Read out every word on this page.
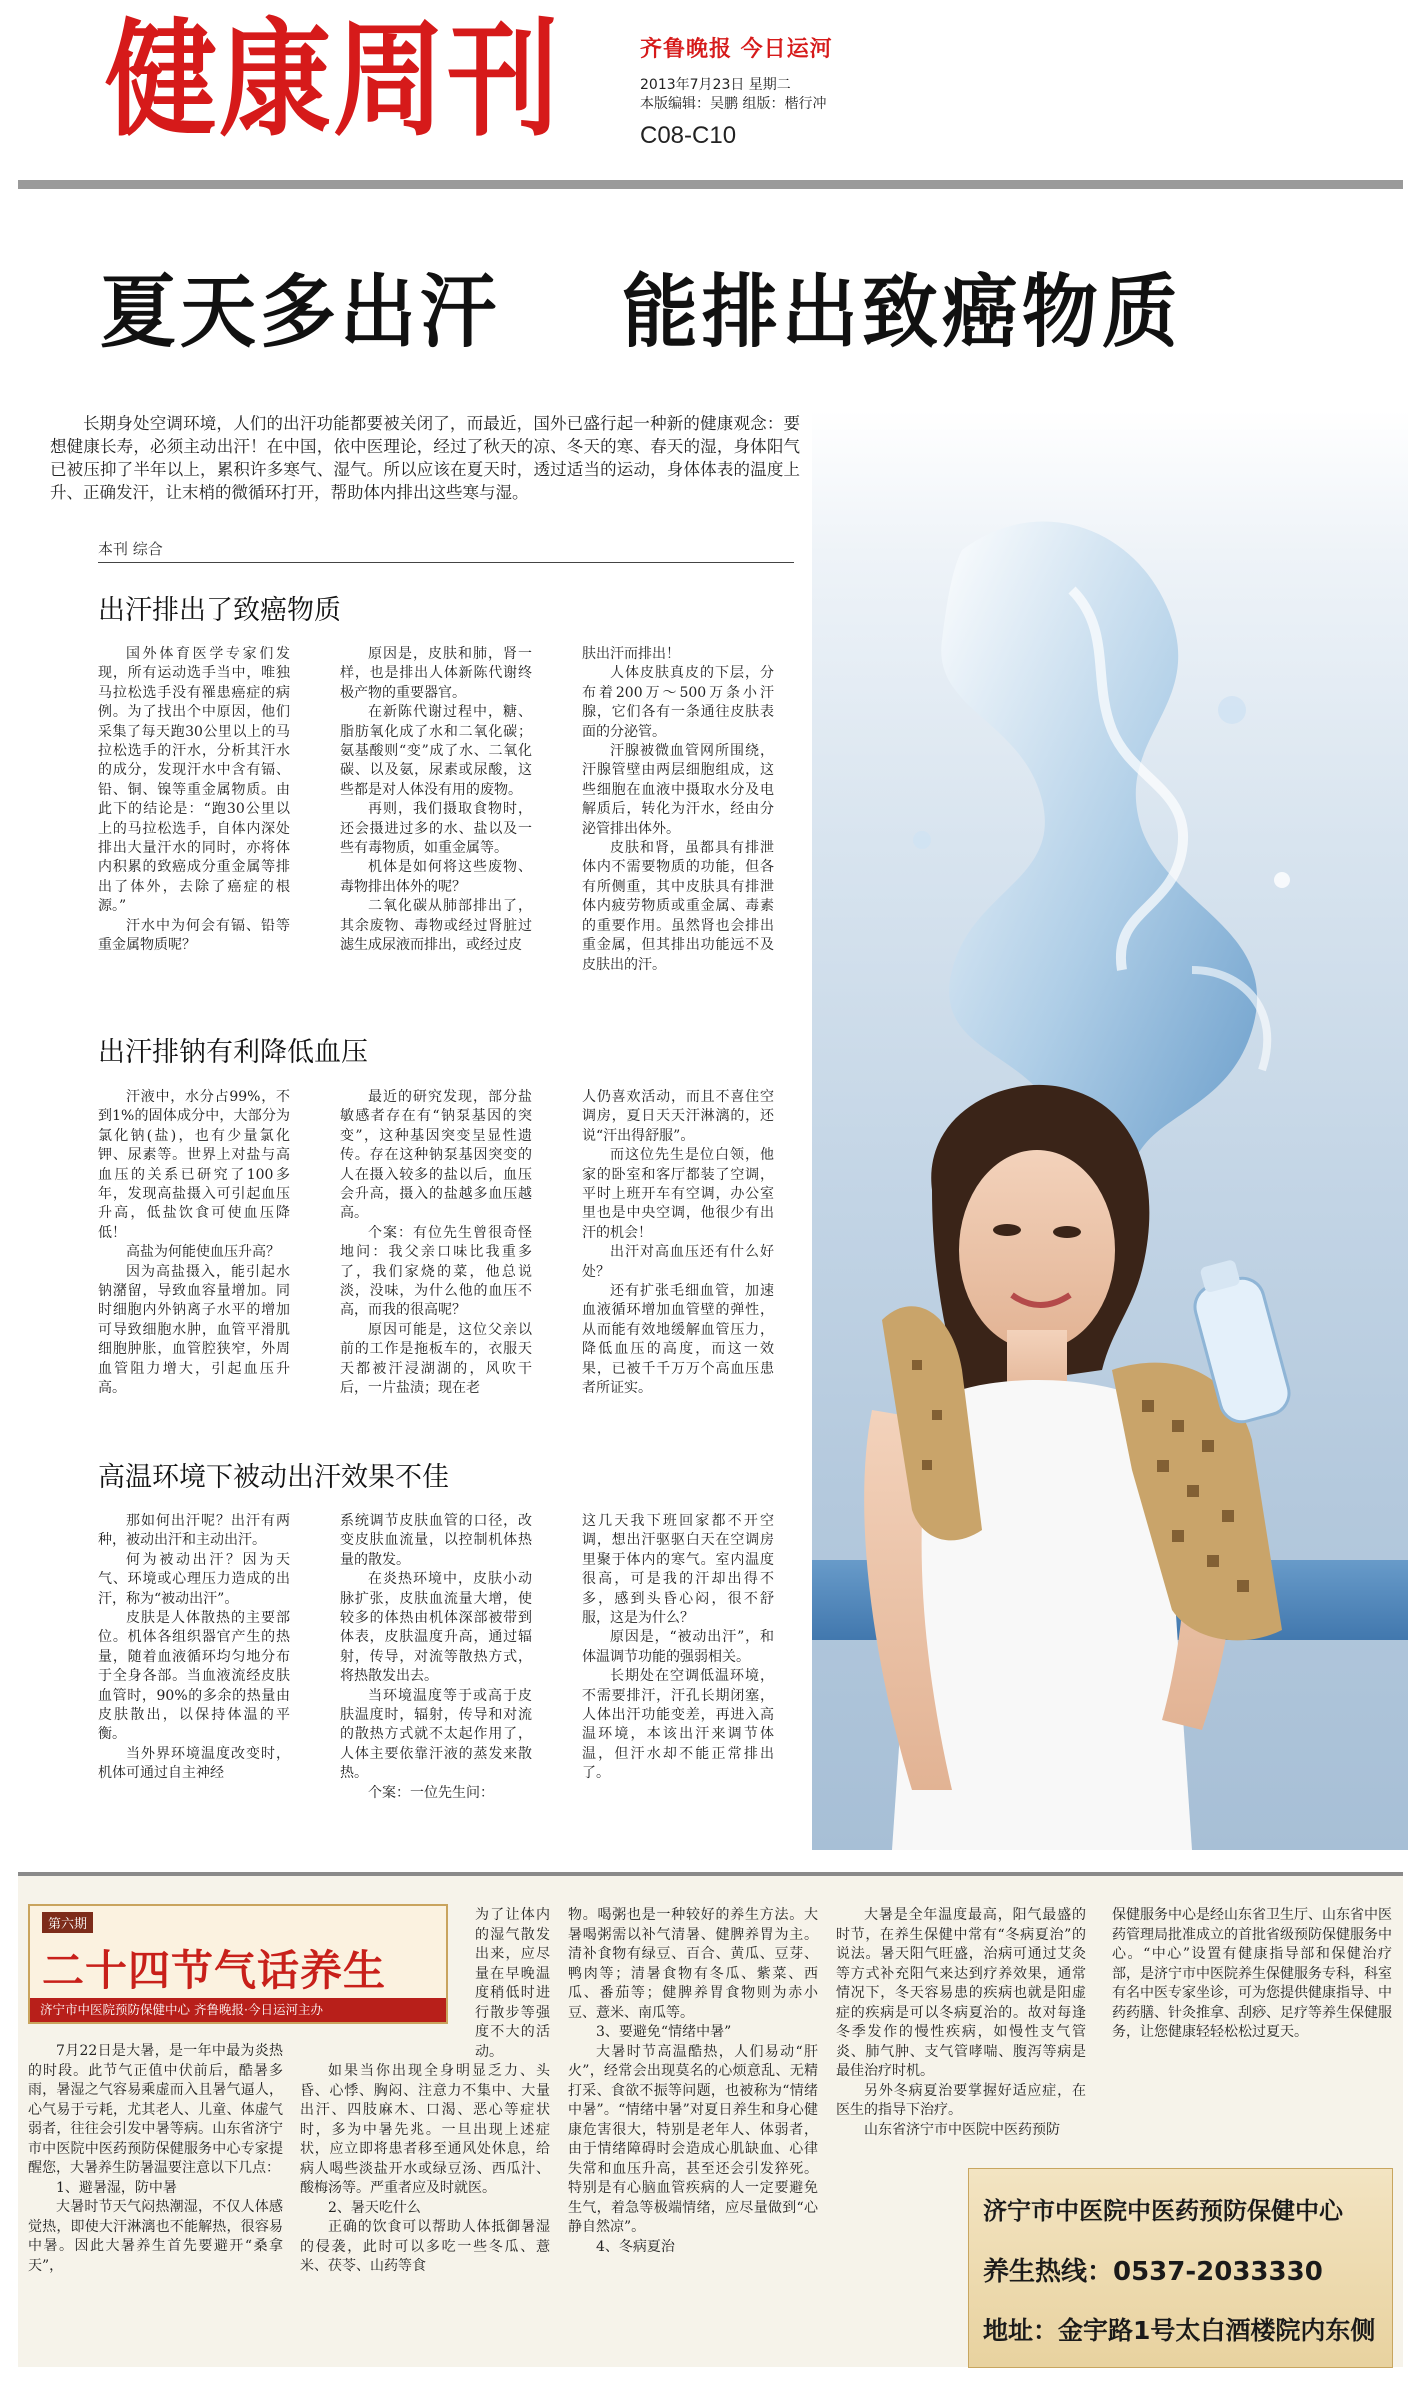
健康周刊	齐鲁晚报 今日运河
2013年7月23日 星期二
本版编辑：吴鹏 组版：楷行冲
C08-C10
夏天多出汗    能排出致癌物质
长期身处空调环境，人们的出汗功能都要被关闭了，而最近，国外已盛行起一种新的健康观念：要想健康长寿，必须主动出汗！在中国，依中医理论，经过了秋天的凉、冬天的寒、春天的湿，身体阳气已被压抑了半年以上，累积许多寒气、湿气。所以应该在夏天时，透过适当的运动，身体体表的温度上升、正确发汗，让末梢的微循环打开，帮助体内排出这些寒与湿。
本刊 综合
出汗排出了致癌物质

国外体育医学专家们发现，所有运动选手当中，唯独马拉松选手没有罹患癌症的病例。为了找出个中原因，他们采集了每天跑30公里以上的马拉松选手的汗水，分析其汗水的成分，发现汗水中含有镉、铅、铜、镍等重金属物质。由此下的结论是：“跑30公里以上的马拉松选手，自体内深处排出大量汗水的同时，亦将体内积累的致癌成分重金属等排出了体外，去除了癌症的根源。”

汗水中为何会有镉、铅等重金属物质呢？

原因是，皮肤和肺，肾一样，也是排出人体新陈代谢终极产物的重要器官。

在新陈代谢过程中，糖、脂肪氧化成了水和二氧化碳；氨基酸则“变”成了水、二氧化碳、以及氨，尿素或尿酸，这些都是对人体没有用的废物。

再则，我们摄取食物时，还会摄进过多的水、盐以及一些有毒物质，如重金属等。

机体是如何将这些废物、毒物排出体外的呢？

二氧化碳从肺部排出了，其余废物、毒物或经过肾脏过滤生成尿液而排出，或经过皮

肤出汗而排出！

人体皮肤真皮的下层，分布着200万～500万条小汗腺，它们各有一条通往皮肤表面的分泌管。

汗腺被微血管网所围绕，汗腺管壁由两层细胞组成，这些细胞在血液中摄取水分及电解质后，转化为汗水，经由分泌管排出体外。

皮肤和肾，虽都具有排泄体内不需要物质的功能，但各有所侧重，其中皮肤具有排泄体内疲劳物质或重金属、毒素的重要作用。虽然肾也会排出重金属，但其排出功能远不及皮肤出的汗。

出汗排钠有利降低血压

汗液中，水分占99%，不到1%的固体成分中，大部分为氯化钠(盐)，也有少量氯化钾、尿素等。世界上对盐与高血压的关系已研究了100多年，发现高盐摄入可引起血压升高，低盐饮食可使血压降低！

高盐为何能使血压升高？

因为高盐摄入，能引起水钠潴留，导致血容量增加。同时细胞内外钠离子水平的增加可导致细胞水肿，血管平滑肌细胞肿胀，血管腔狭窄，外周血管阻力增大，引起血压升高。

最近的研究发现，部分盐敏感者存在有“钠泵基因的突变”，这种基因突变呈显性遗传。存在这种钠泵基因突变的人在摄入较多的盐以后，血压会升高，摄入的盐越多血压越高。

个案：有位先生曾很奇怪地问：我父亲口味比我重多了，我们家烧的菜，他总说淡，没味，为什么他的血压不高，而我的很高呢？

原因可能是，这位父亲以前的工作是拖板车的，衣服天天都被汗浸湖湖的，风吹干后，一片盐渍；现在老

人仍喜欢活动，而且不喜住空调房，夏日天天汗淋漓的，还说“汗出得舒服”。

而这位先生是位白领，他家的卧室和客厅都装了空调，平时上班开车有空调，办公室里也是中央空调，他很少有出汗的机会！

出汗对高血压还有什么好处？

还有扩张毛细血管，加速血液循环增加血管壁的弹性，从而能有效地缓解血管压力，降低血压的高度，而这一效果，已被千千万万个高血压患者所证实。

高温环境下被动出汗效果不佳

那如何出汗呢？出汗有两种，被动出汗和主动出汗。

何为被动出汗？因为天气、环境或心理压力造成的出汗，称为“被动出汗”。

皮肤是人体散热的主要部位。机体各组织器官产生的热量，随着血液循环均匀地分布于全身各部。当血液流经皮肤血管时，90%的多余的热量由皮肤散出，以保持体温的平衡。

当外界环境温度改变时，机体可通过自主神经

系统调节皮肤血管的口径，改变皮肤血流量，以控制机体热量的散发。

在炎热环境中，皮肤小动脉扩张，皮肤血流量大增，使较多的体热由机体深部被带到体表，皮肤温度升高，通过辐射，传导，对流等散热方式，将热散发出去。

当环境温度等于或高于皮肤温度时，辐射，传导和对流的散热方式就不太起作用了，人体主要依靠汗液的蒸发来散热。

个案：一位先生问：

这几天我下班回家都不开空调，想出汗驱驱白天在空调房里聚于体内的寒气。室内温度很高，可是我的汗却出得不多，感到头昏心闷，很不舒服，这是为什么？

原因是，“被动出汗”，和体温调节功能的强弱相关。

长期处在空调低温环境，不需要排汗，汗孔长期闭塞，人体出汗功能变差，再进入高温环境，本该出汗来调节体温，但汗水却不能正常排出了。

第六期
二十四节气话养生
济宁市中医院预防保健中心 齐鲁晚报·今日运河主办

7月22日是大暑，是一年中最为炎热的时段。此节气正值中伏前后，酷暑多雨，暑湿之气容易乘虚而入且暑气逼人，心气易于亏耗，尤其老人、儿童、体虚气弱者，往往会引发中暑等病。山东省济宁市中医院中医药预防保健服务中心专家提醒您，大暑养生防暑温要注意以下几点：

1、避暑湿，防中暑

大暑时节天气闷热潮湿，不仅人体感觉热，即使大汗淋漓也不能解热，很容易中暑。因此大暑养生首先要避开“桑拿天”，

为了让体内的湿气散发出来，应尽量在早晚温度稍低时进行散步等强度不大的活动。

如果当你出现全身明显乏力、头昏、心悸、胸闷、注意力不集中、大量出汗、四肢麻木、口渴、恶心等症状时，多为中暑先兆。一旦出现上述症状，应立即将患者移至通风处休息，给病人喝些淡盐开水或绿豆汤、西瓜汁、酸梅汤等。严重者应及时就医。

2、暑天吃什么

正确的饮食可以帮助人体抵御暑湿的侵袭，此时可以多吃一些冬瓜、薏米、茯苓、山药等食

物。喝粥也是一种较好的养生方法。大暑喝粥需以补气清暑、健脾养胃为主。清补食物有绿豆、百合、黄瓜、豆芽、鸭肉等；清暑食物有冬瓜、紫菜、西瓜、番茄等；健脾养胃食物则为赤小豆、薏米、南瓜等。

3、要避免“情绪中暑”

大暑时节高温酷热，人们易动“肝火”，经常会出现莫名的心烦意乱、无精打采、食欲不振等问题，也被称为“情绪中暑”。“情绪中暑”对夏日养生和身心健康危害很大，特别是老年人、体弱者，由于情绪障碍时会造成心肌缺血、心律失常和血压升高，甚至还会引发猝死。特别是有心脑血管疾病的人一定要避免生气，着急等极端情绪，应尽量做到“心静自然凉”。

4、冬病夏治

大暑是全年温度最高，阳气最盛的时节，在养生保健中常有“冬病夏治”的说法。暑天阳气旺盛，治病可通过艾灸等方式补充阳气来达到疗养效果，通常情况下，冬天容易患的疾病也就是阳虚症的疾病是可以冬病夏治的。故对每逢冬季发作的慢性疾病，如慢性支气管炎、肺气肿、支气管哮喘、腹泻等病是最佳治疗时机。

另外冬病夏治要掌握好适应症，在医生的指导下治疗。

山东省济宁市中医院中医药预防

保健服务中心是经山东省卫生厅、山东省中医药管理局批准成立的首批省级预防保健服务中心。“中心”设置有健康指导部和保健治疗部，是济宁市中医院养生保健服务专科，科室有名中医专家坐诊，可为您提供健康指导、中药药膳、针灸推拿、刮痧、足疗等养生保健服务，让您健康轻轻松松过夏天。

济宁市中医院中医药预防保健中心
养生热线：0537-2033330
地址：金宇路1号太白酒楼院内东侧
